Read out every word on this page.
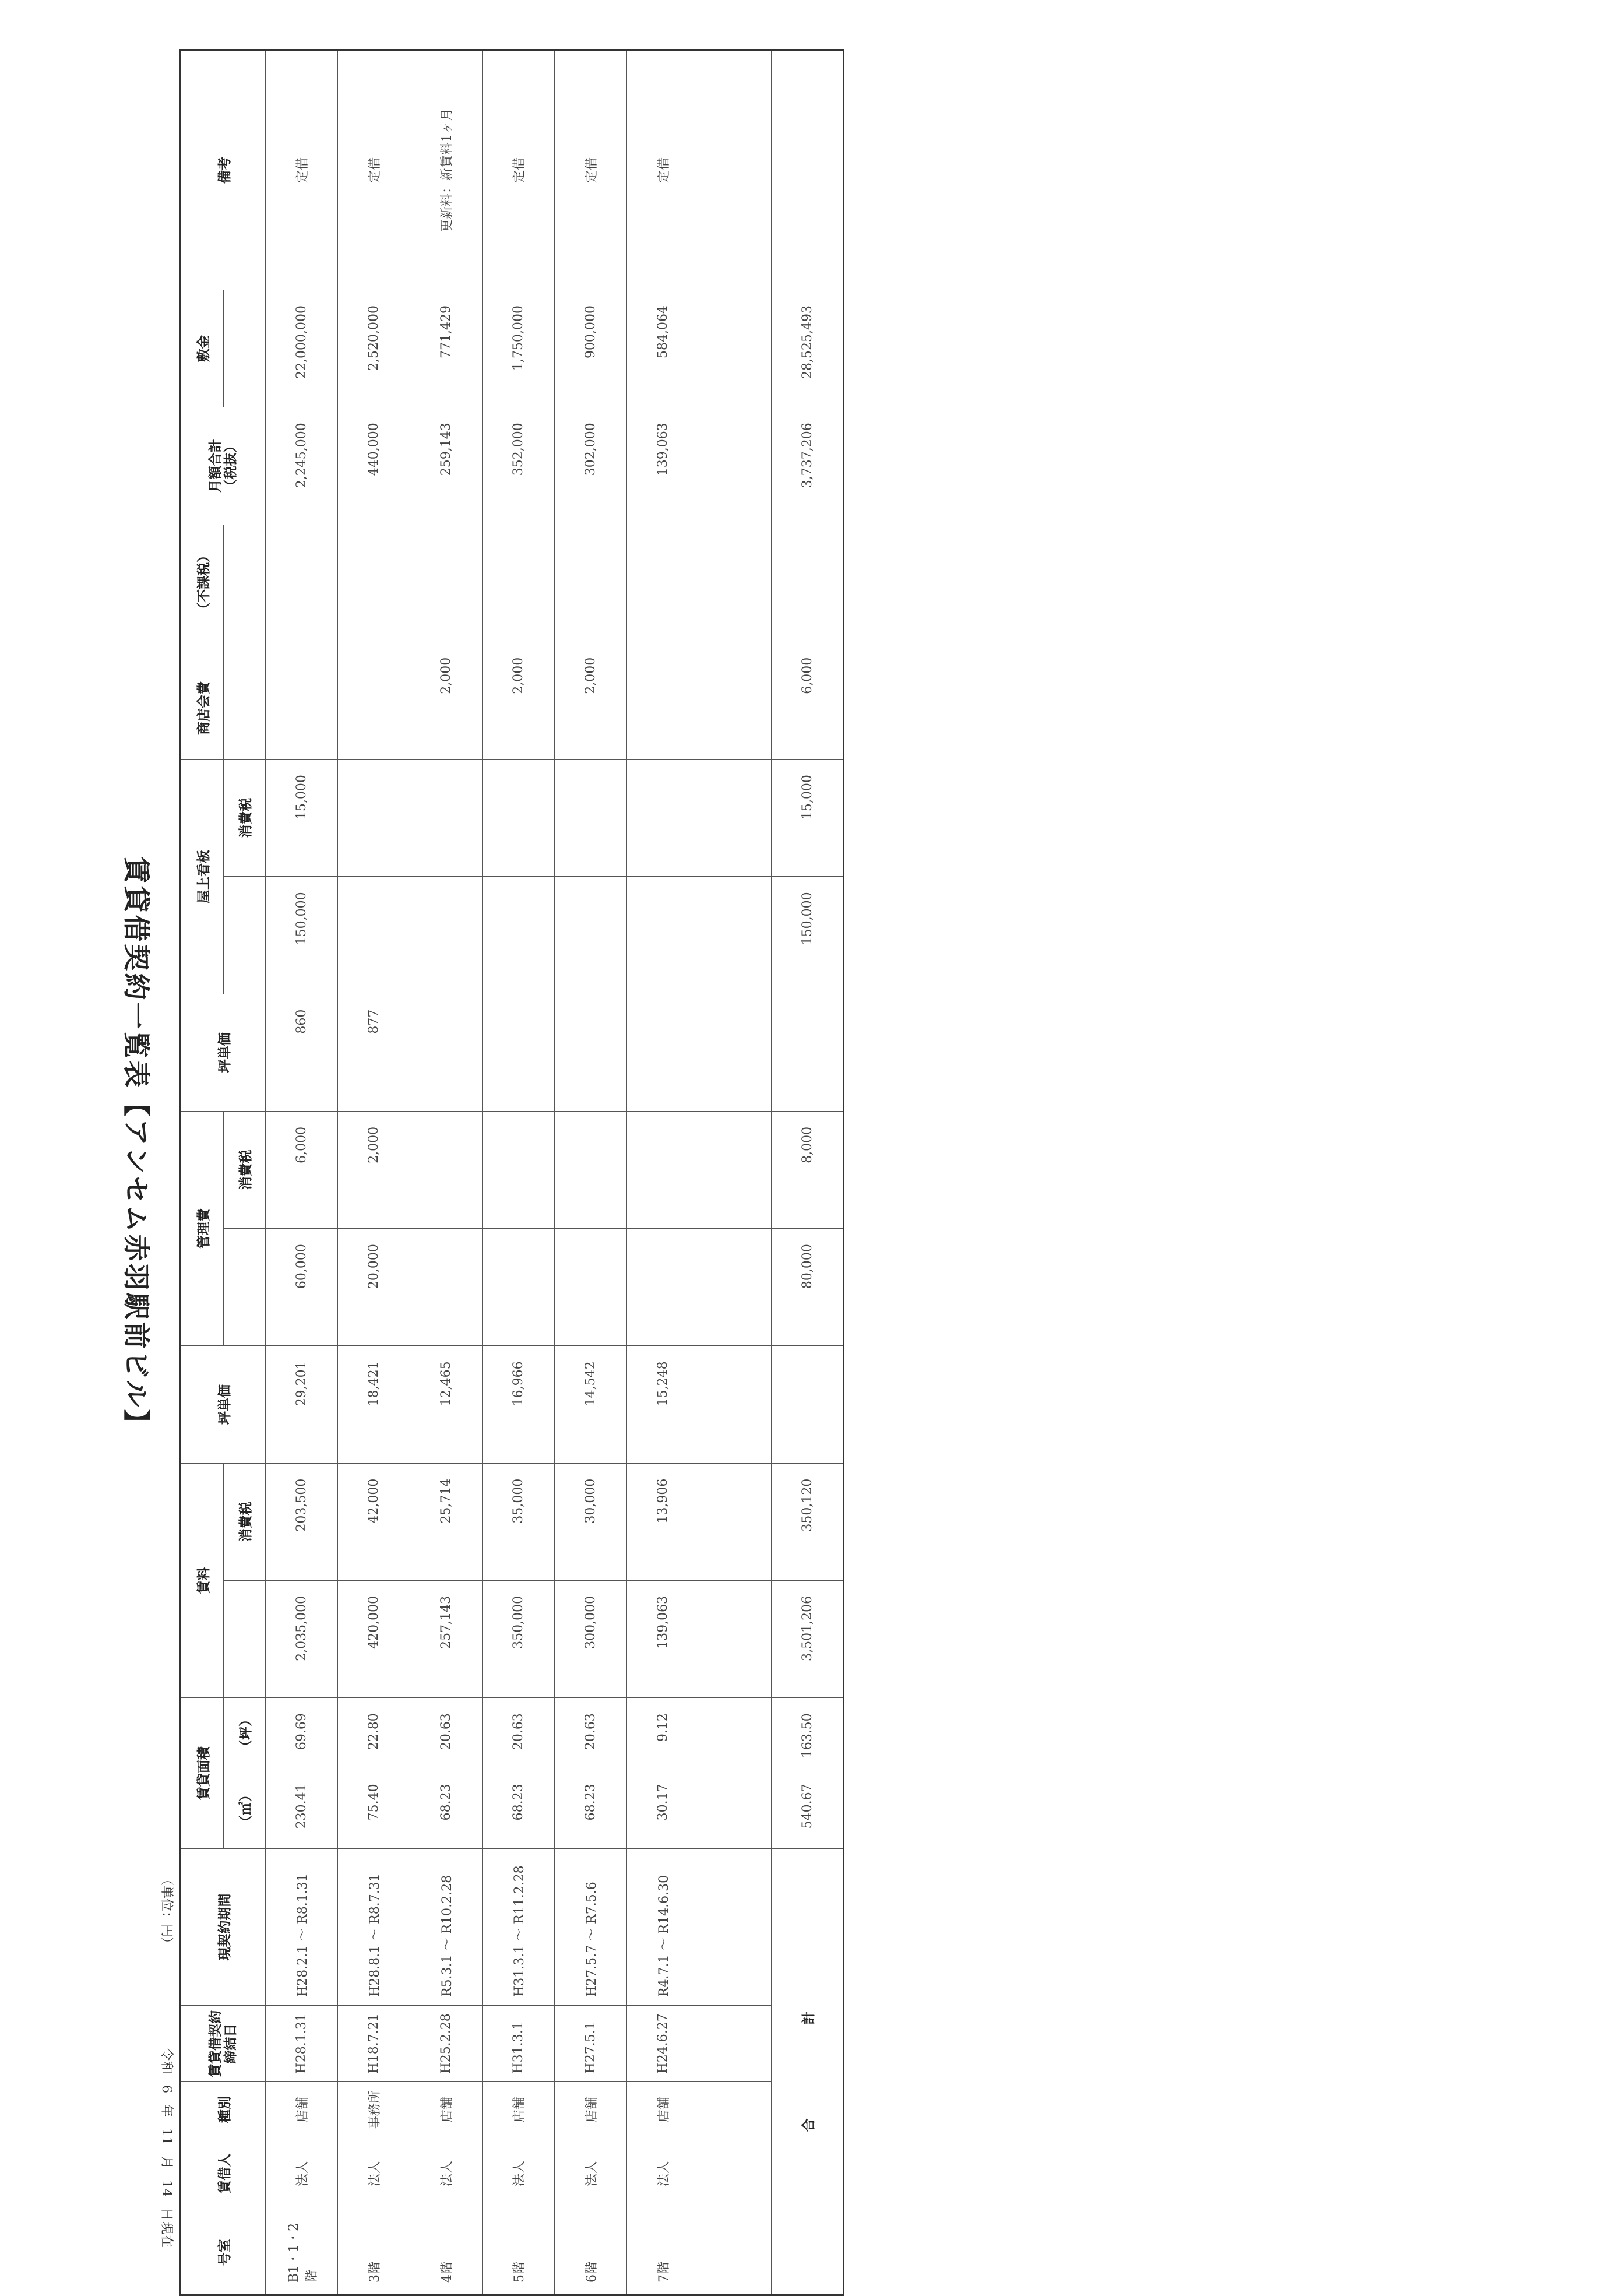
賃貸借契約一覧表【アンセム赤羽駅前ビル】
（単位：円）
令和 6 年 11 月 14 日現在
号室	賃借人	種別	賃貸借契約 締結日	現契約期間	賃貸面積		賃料		坪単価	管理費		坪単価	屋上看板		商店会費              （不課税）		月額合計 （税抜）	敷金	備考
					（㎡）	（坪）		消費税			消費税			消費税					
B1・1・2階	法人	店舗	H28.1.31	H28.2.1 ～ R8.1.31	230.41	69.69	2,035,000	203,500	29,201	60,000	6,000	860	150,000	15,000			2,245,000	22,000,000	定借
3階	法人	事務所	H18.7.21	H28.8.1 ～ R8.7.31	75.40	22.80	420,000	42,000	18,421	20,000	2,000	877					440,000	2,520,000	定借
4階	法人	店舗	H25.2.28	R5.3.1 ～ R10.2.28	68.23	20.63	257,143	25,714	12,465						2,000		259,143	771,429	更新料：新賃料1ヶ月
5階	法人	店舗	H31.3.1	H31.3.1 ～ R11.2.28	68.23	20.63	350,000	35,000	16,966						2,000		352,000	1,750,000	定借
6階	法人	店舗	H27.5.1	H27.5.7 ～ R7.5.6	68.23	20.63	300,000	30,000	14,542						2,000		302,000	900,000	定借
7階	法人	店舗	H24.6.27	R4.7.1 ～ R14.6.30	30.17	9.12	139,063	13,906	15,248								139,063	584,064	定借

合　　　　　　　計					540.67	163.50	3,501,206	350,120		80,000	8,000		150,000	15,000	6,000		3,737,206	28,525,493	
